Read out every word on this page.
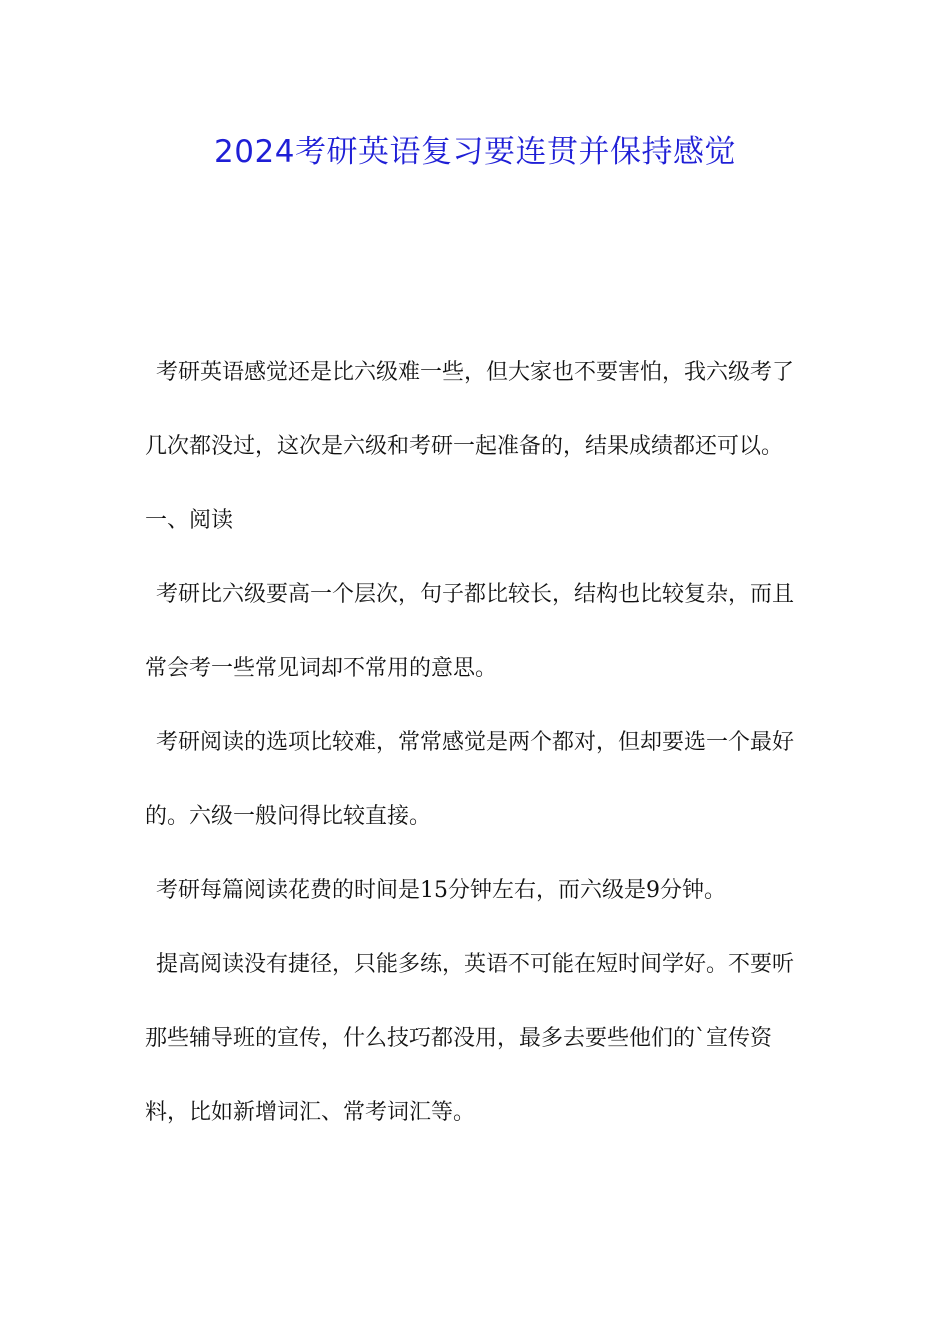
2024考研英语复习要连贯并保持感觉

考研英语感觉还是比六级难一些，但大家也不要害怕，我六级考了几次都没过，这次是六级和考研一起准备的，结果成绩都还可以。

一、阅读

考研比六级要高一个层次，句子都比较长，结构也比较复杂，而且常会考一些常见词却不常用的意思。

考研阅读的选项比较难，常常感觉是两个都对，但却要选一个最好的。六级一般问得比较直接。

考研每篇阅读花费的时间是15分钟左右，而六级是9分钟。

提高阅读没有捷径，只能多练，英语不可能在短时间学好。不要听那些辅导班的宣传，什么技巧都没用，最多去要些他们的`宣传资料，比如新增词汇、常考词汇等。
